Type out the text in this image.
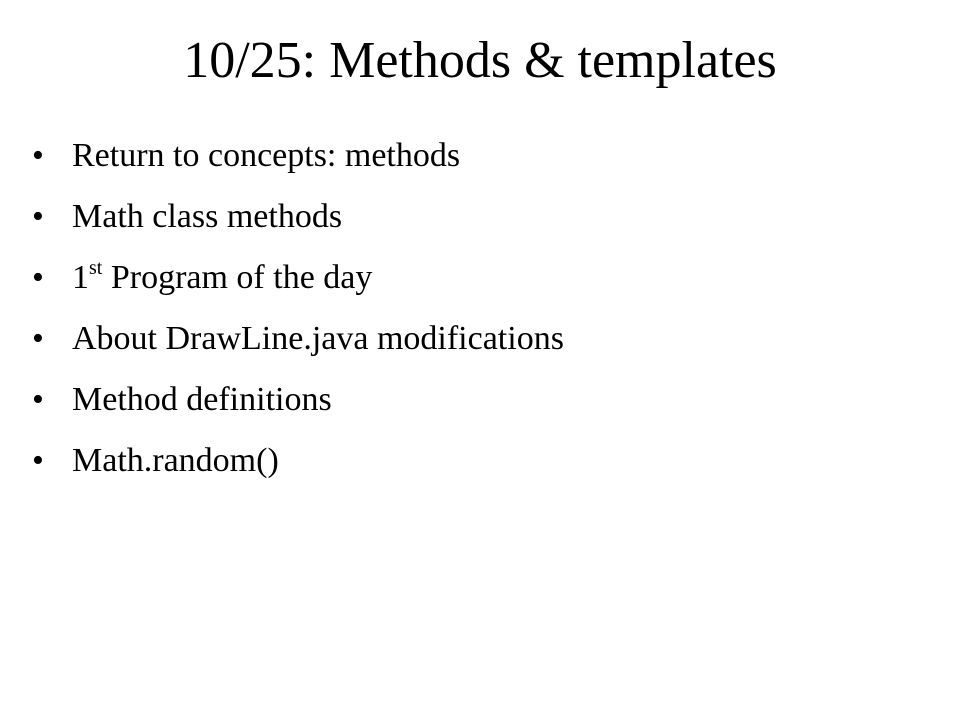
10/25: Methods & templates
• Return to concepts: methods
• Math class methods
• 1st Program of the day
• About DrawLine.java modifications
• Method definitions
• Math.random()
